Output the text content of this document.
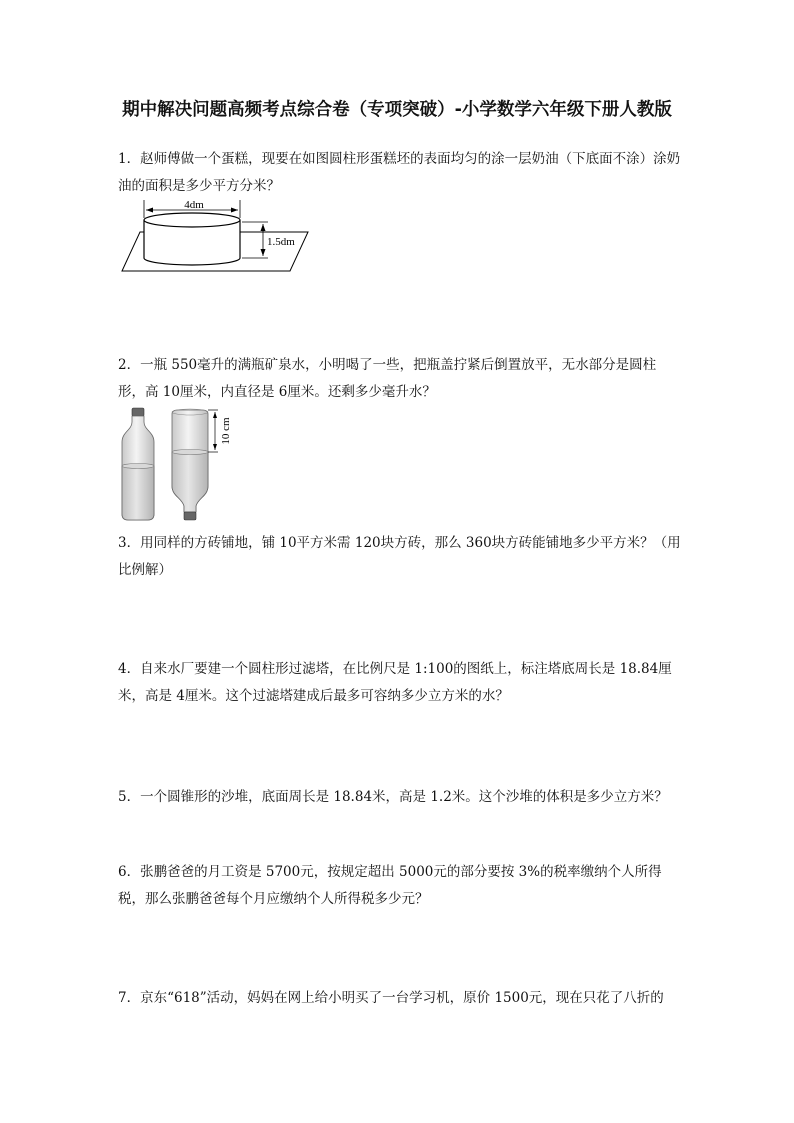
期中解决问题高频考点综合卷（专项突破）-小学数学六年级下册人教版

1．赵师傅做一个蛋糕，现要在如图圆柱形蛋糕坯的表面均匀的涂一层奶油（下底面不涂）涂奶油的面积是多少平方分米？

4dm
1.5dm

2．一瓶 550毫升的满瓶矿泉水，小明喝了一些，把瓶盖拧紧后倒置放平，无水部分是圆柱形，高 10厘米，内直径是 6厘米。还剩多少毫升水？

10 cm

3．用同样的方砖铺地，铺 10平方米需 120块方砖，那么 360块方砖能铺地多少平方米？（用比例解）

4．自来水厂要建一个圆柱形过滤塔，在比例尺是 1:100的图纸上，标注塔底周长是 18.84厘米，高是 4厘米。这个过滤塔建成后最多可容纳多少立方米的水？

5．一个圆锥形的沙堆，底面周长是 18.84米，高是 1.2米。这个沙堆的体积是多少立方米？

6．张鹏爸爸的月工资是 5700元，按规定超出 5000元的部分要按 3%的税率缴纳个人所得税，那么张鹏爸爸每个月应缴纳个人所得税多少元？

7．京东“618”活动，妈妈在网上给小明买了一台学习机，原价 1500元，现在只花了八折的
